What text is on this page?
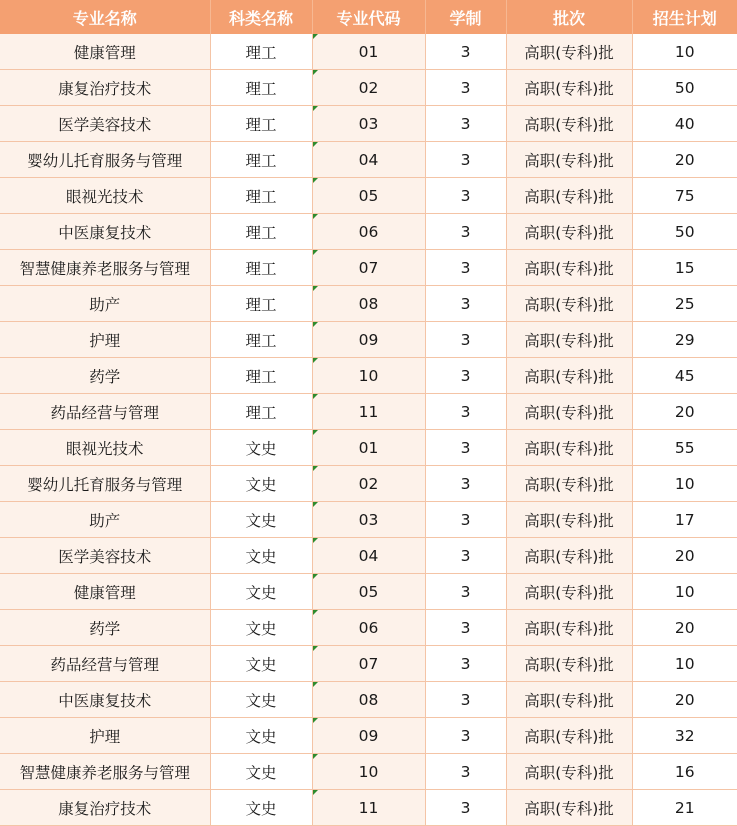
专业名称	科类名称	专业代码	学制	批次	招生计划
健康管理	理工	01	3	高职(专科)批	10
康复治疗技术	理工	02	3	高职(专科)批	50
医学美容技术	理工	03	3	高职(专科)批	40
婴幼儿托育服务与管理	理工	04	3	高职(专科)批	20
眼视光技术	理工	05	3	高职(专科)批	75
中医康复技术	理工	06	3	高职(专科)批	50
智慧健康养老服务与管理	理工	07	3	高职(专科)批	15
助产	理工	08	3	高职(专科)批	25
护理	理工	09	3	高职(专科)批	29
药学	理工	10	3	高职(专科)批	45
药品经营与管理	理工	11	3	高职(专科)批	20
眼视光技术	文史	01	3	高职(专科)批	55
婴幼儿托育服务与管理	文史	02	3	高职(专科)批	10
助产	文史	03	3	高职(专科)批	17
医学美容技术	文史	04	3	高职(专科)批	20
健康管理	文史	05	3	高职(专科)批	10
药学	文史	06	3	高职(专科)批	20
药品经营与管理	文史	07	3	高职(专科)批	10
中医康复技术	文史	08	3	高职(专科)批	20
护理	文史	09	3	高职(专科)批	32
智慧健康养老服务与管理	文史	10	3	高职(专科)批	16
康复治疗技术	文史	11	3	高职(专科)批	21
